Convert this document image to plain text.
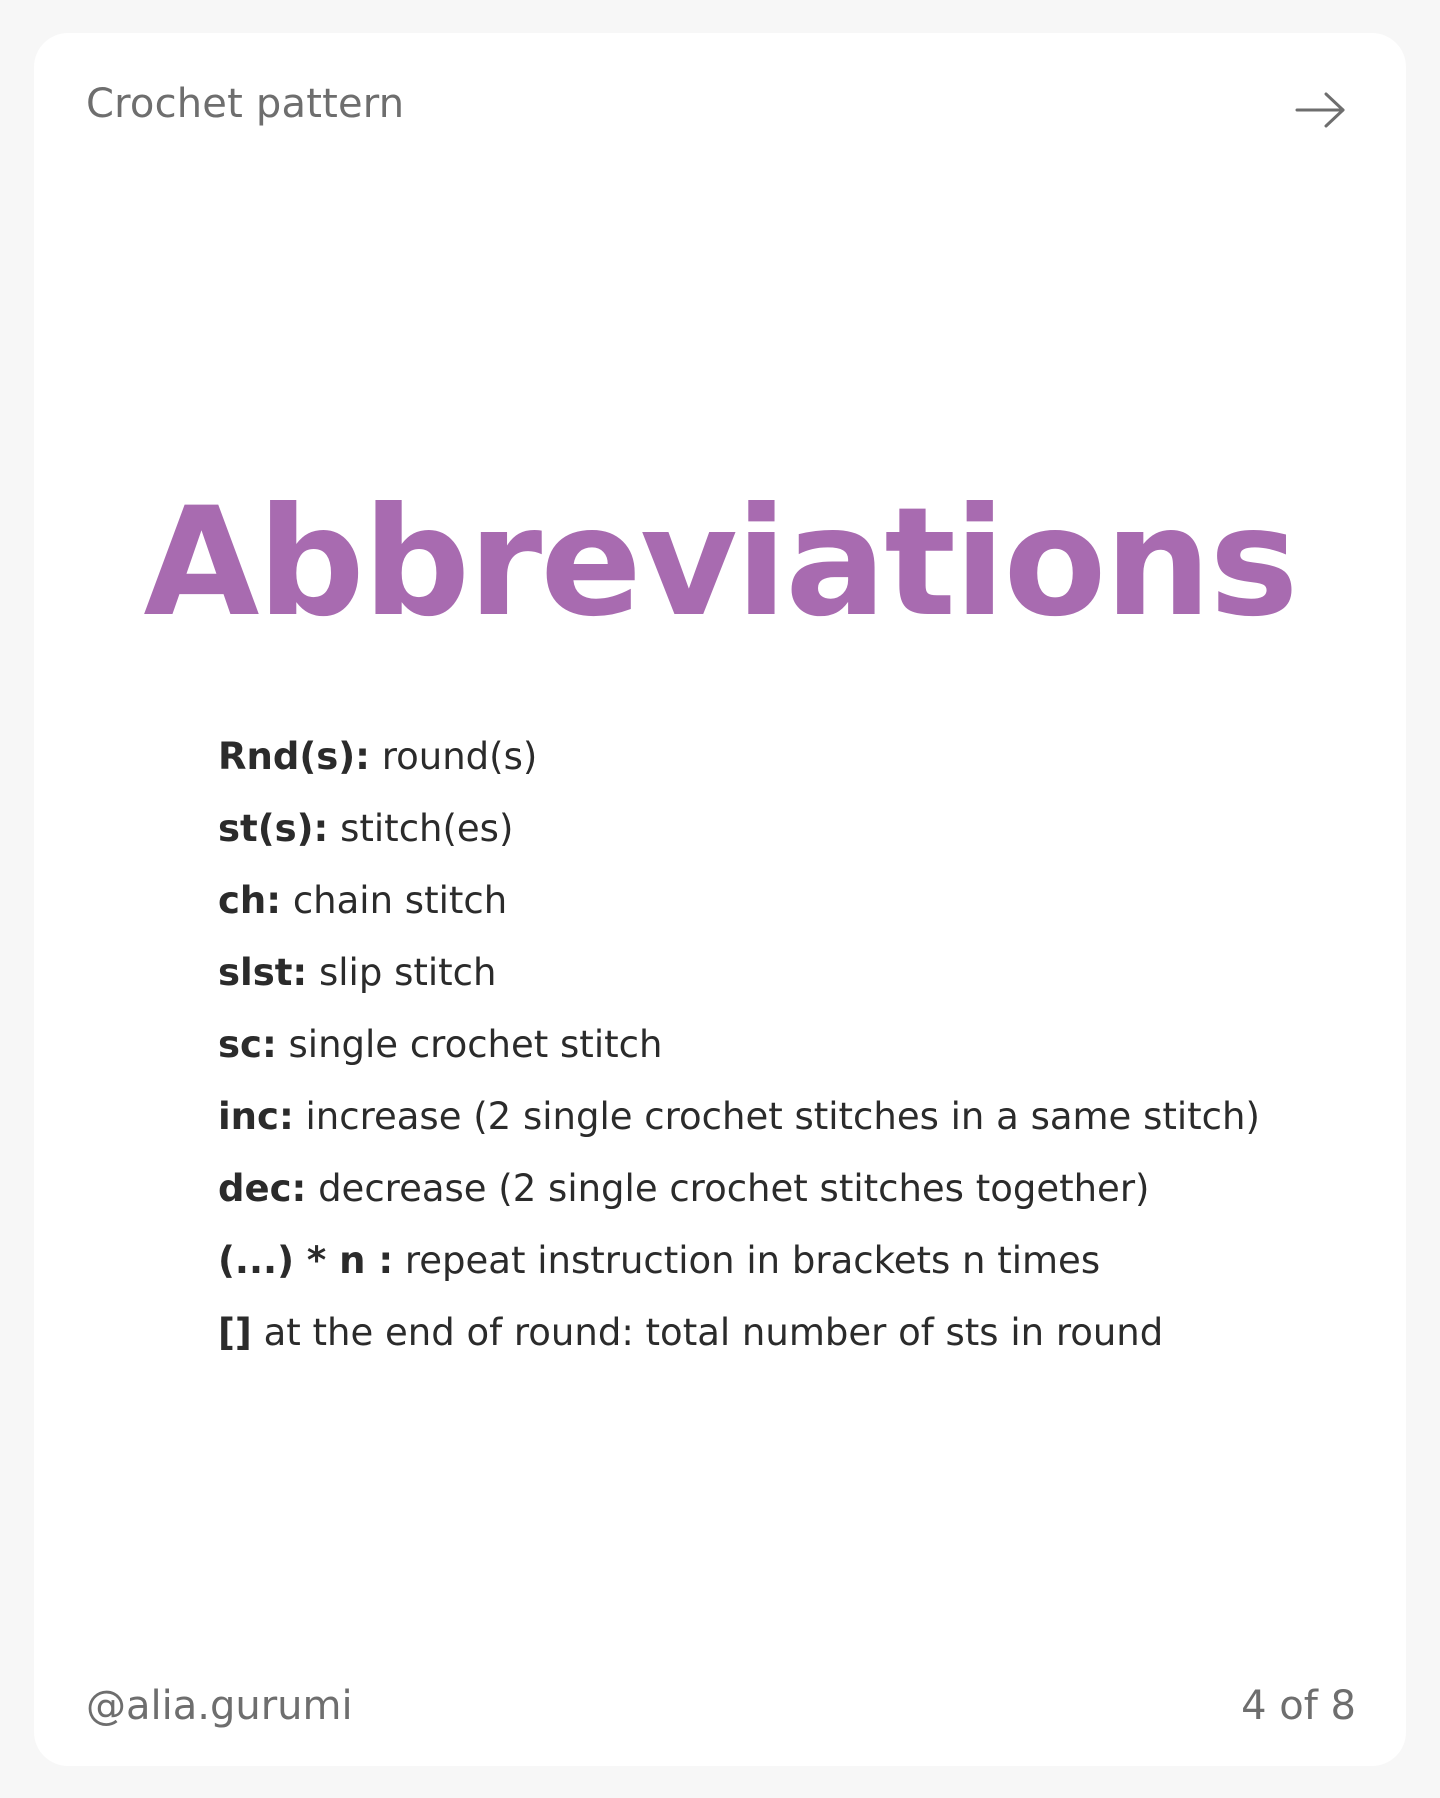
Crochet pattern
Abbreviations
Rnd(s): round(s)
st(s): stitch(es)
ch: chain stitch
slst: slip stitch
sc: single crochet stitch
inc: increase (2 single crochet stitches in a same stitch)
dec: decrease (2 single crochet stitches together)
(...) * n : repeat instruction in brackets n times
[] at the end of round: total number of sts in round
@alia.gurumi	4 of 8
